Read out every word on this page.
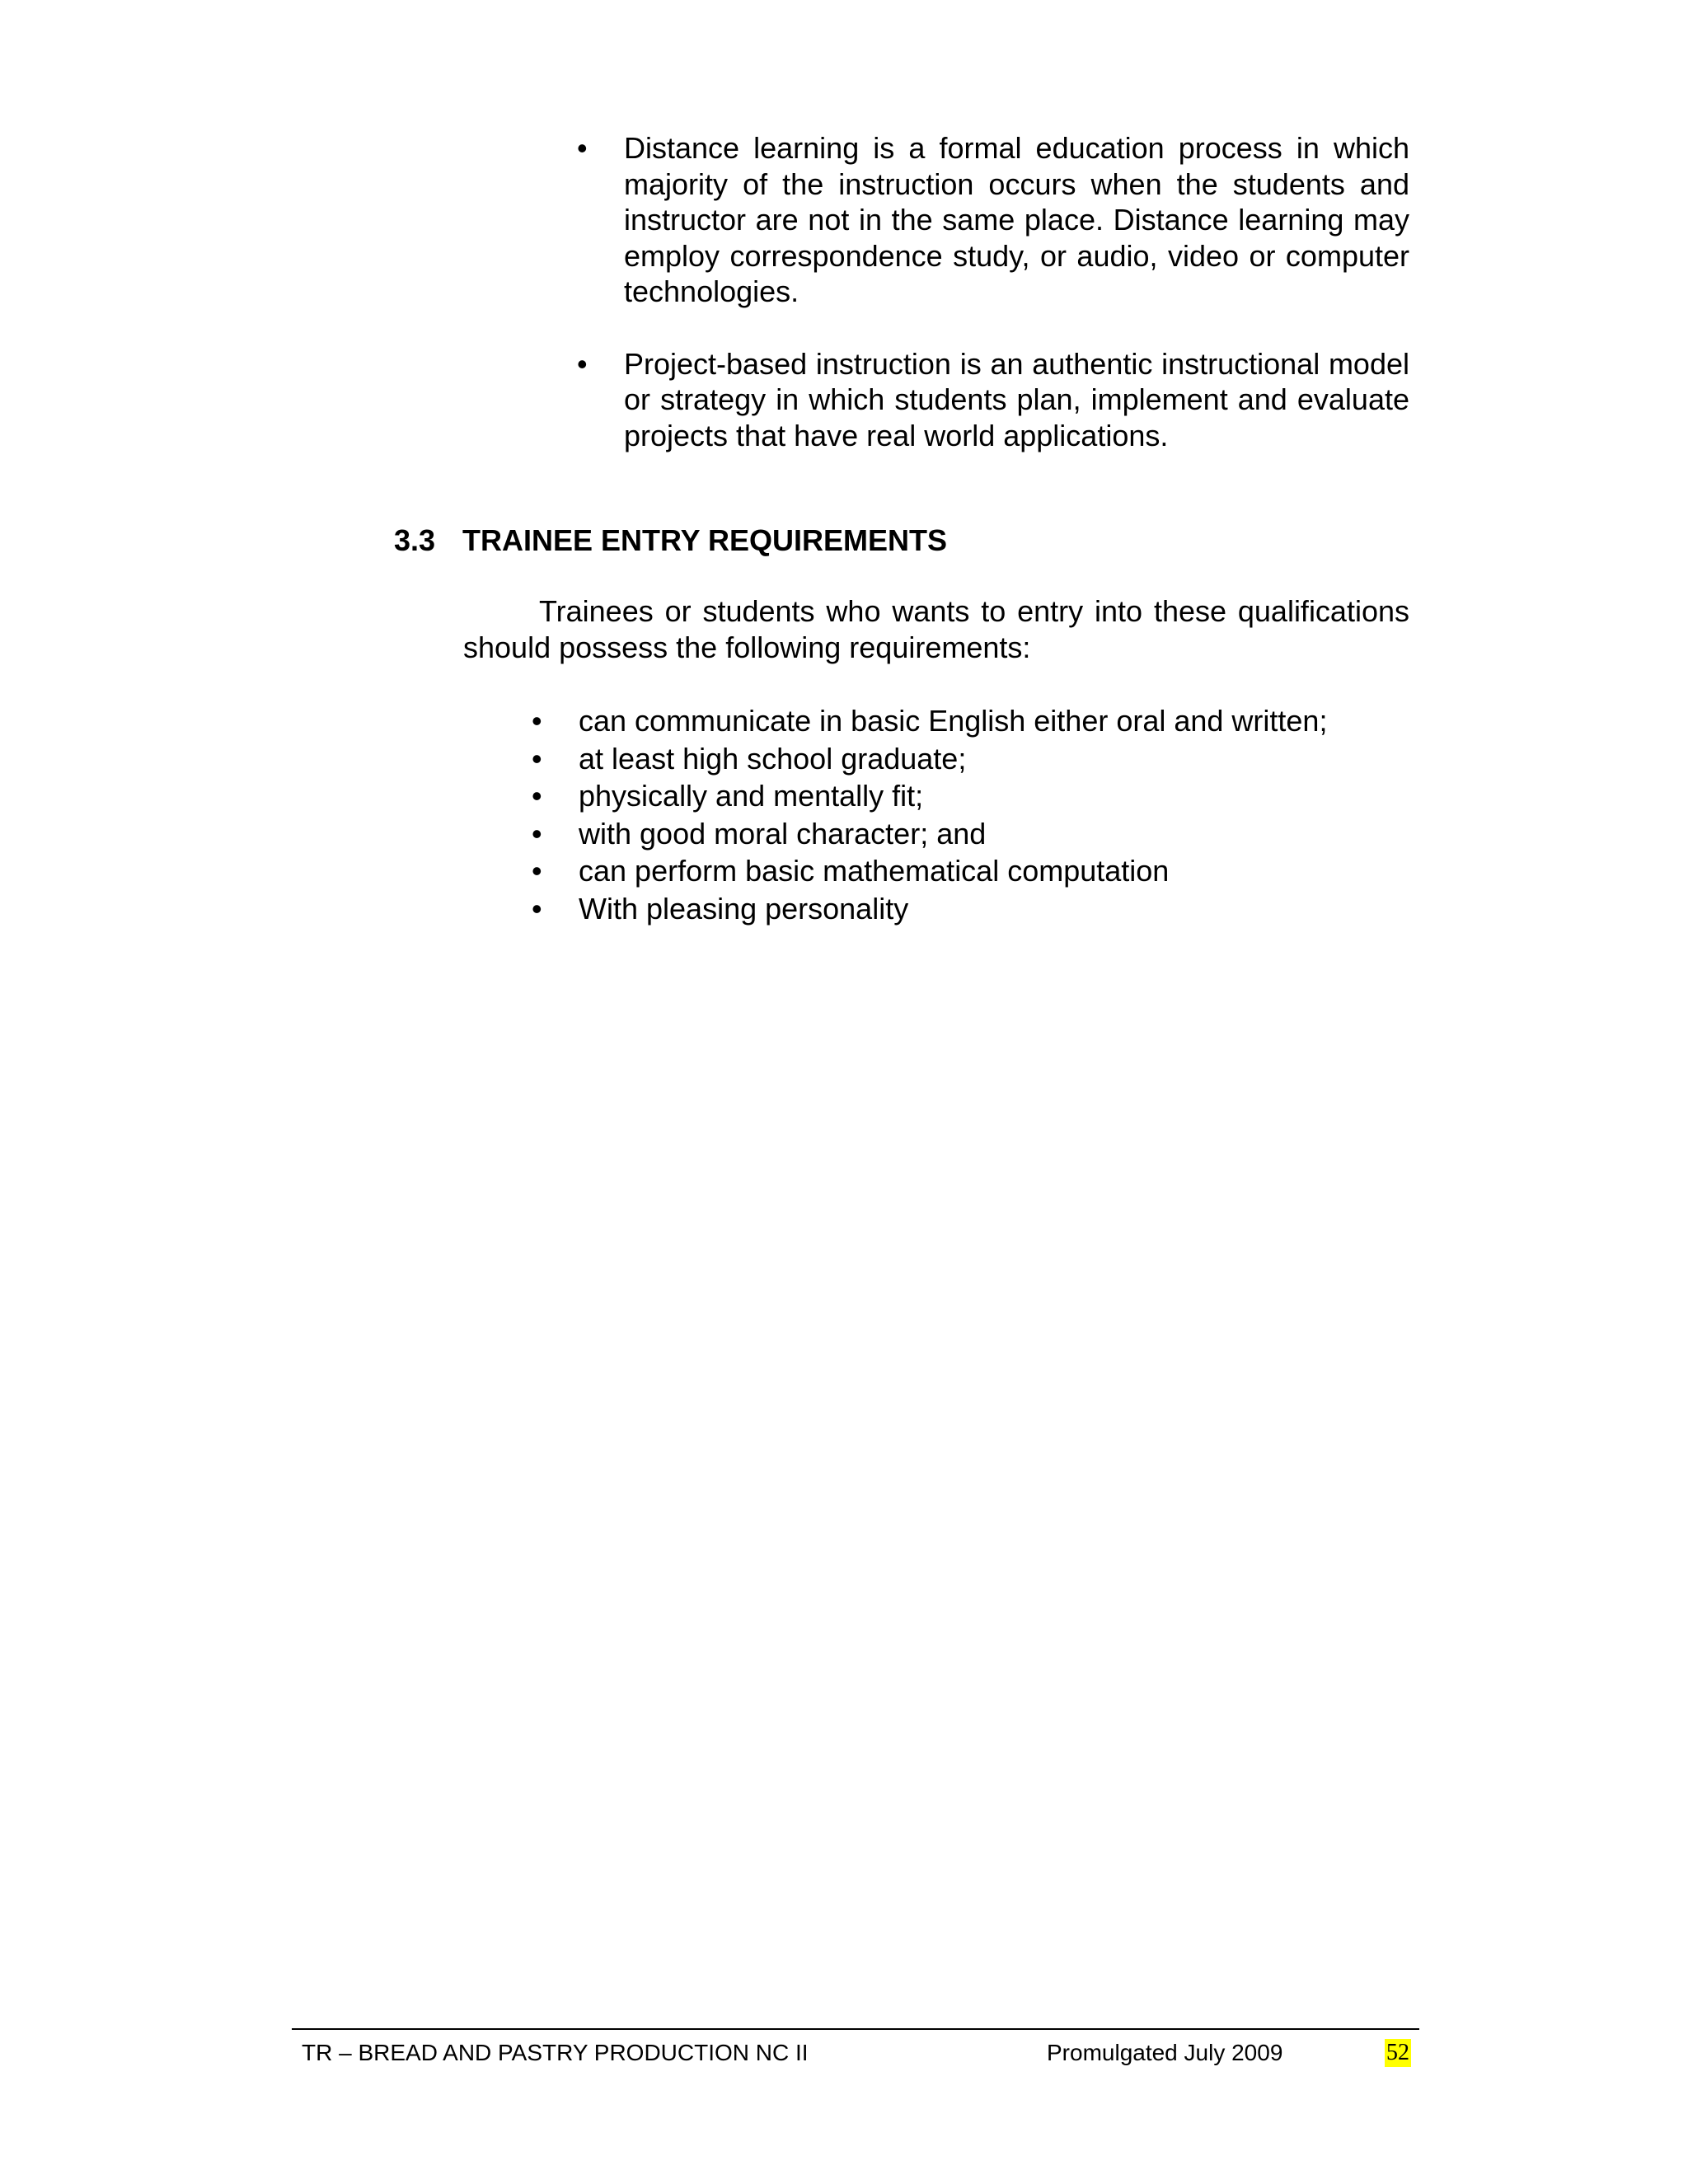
• Distance learning is a formal education process in which majority of the instruction occurs when the students and instructor are not in the same place. Distance learning may employ correspondence study, or audio, video or computer technologies.
• Project-based instruction is an authentic instructional model or strategy in which students plan, implement and evaluate projects that have real world applications.
3.3 TRAINEE ENTRY REQUIREMENTS

Trainees or students who wants to entry into these qualifications should possess the following requirements:

• can communicate in basic English either oral and written;
• at least high school graduate;
• physically and mentally fit;
• with good moral character; and
• can perform basic mathematical computation
• With pleasing personality
TR – BREAD AND PASTRY PRODUCTION NC II	Promulgated July 2009	52
